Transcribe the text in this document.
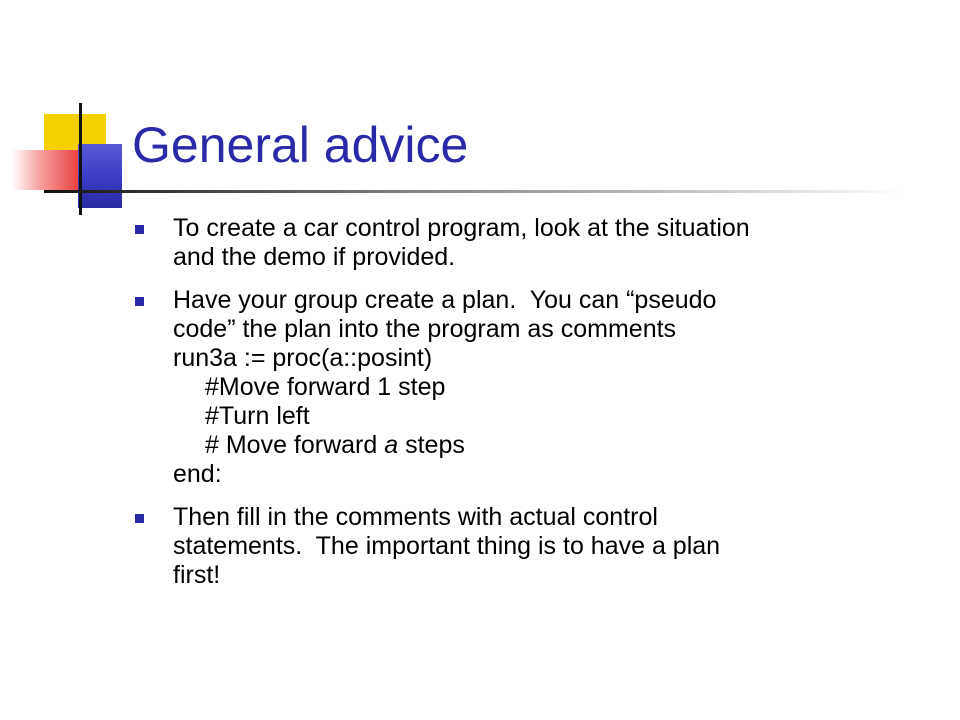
General advice

To create a car control program, look at the situation
and the demo if provided.

Have your group create a plan.  You can “pseudo
code” the plan into the program as comments
run3a := proc(a::posint)
#Move forward 1 step
#Turn left
# Move forward a steps
end:

Then fill in the comments with actual control
statements.  The important thing is to have a plan
first!
